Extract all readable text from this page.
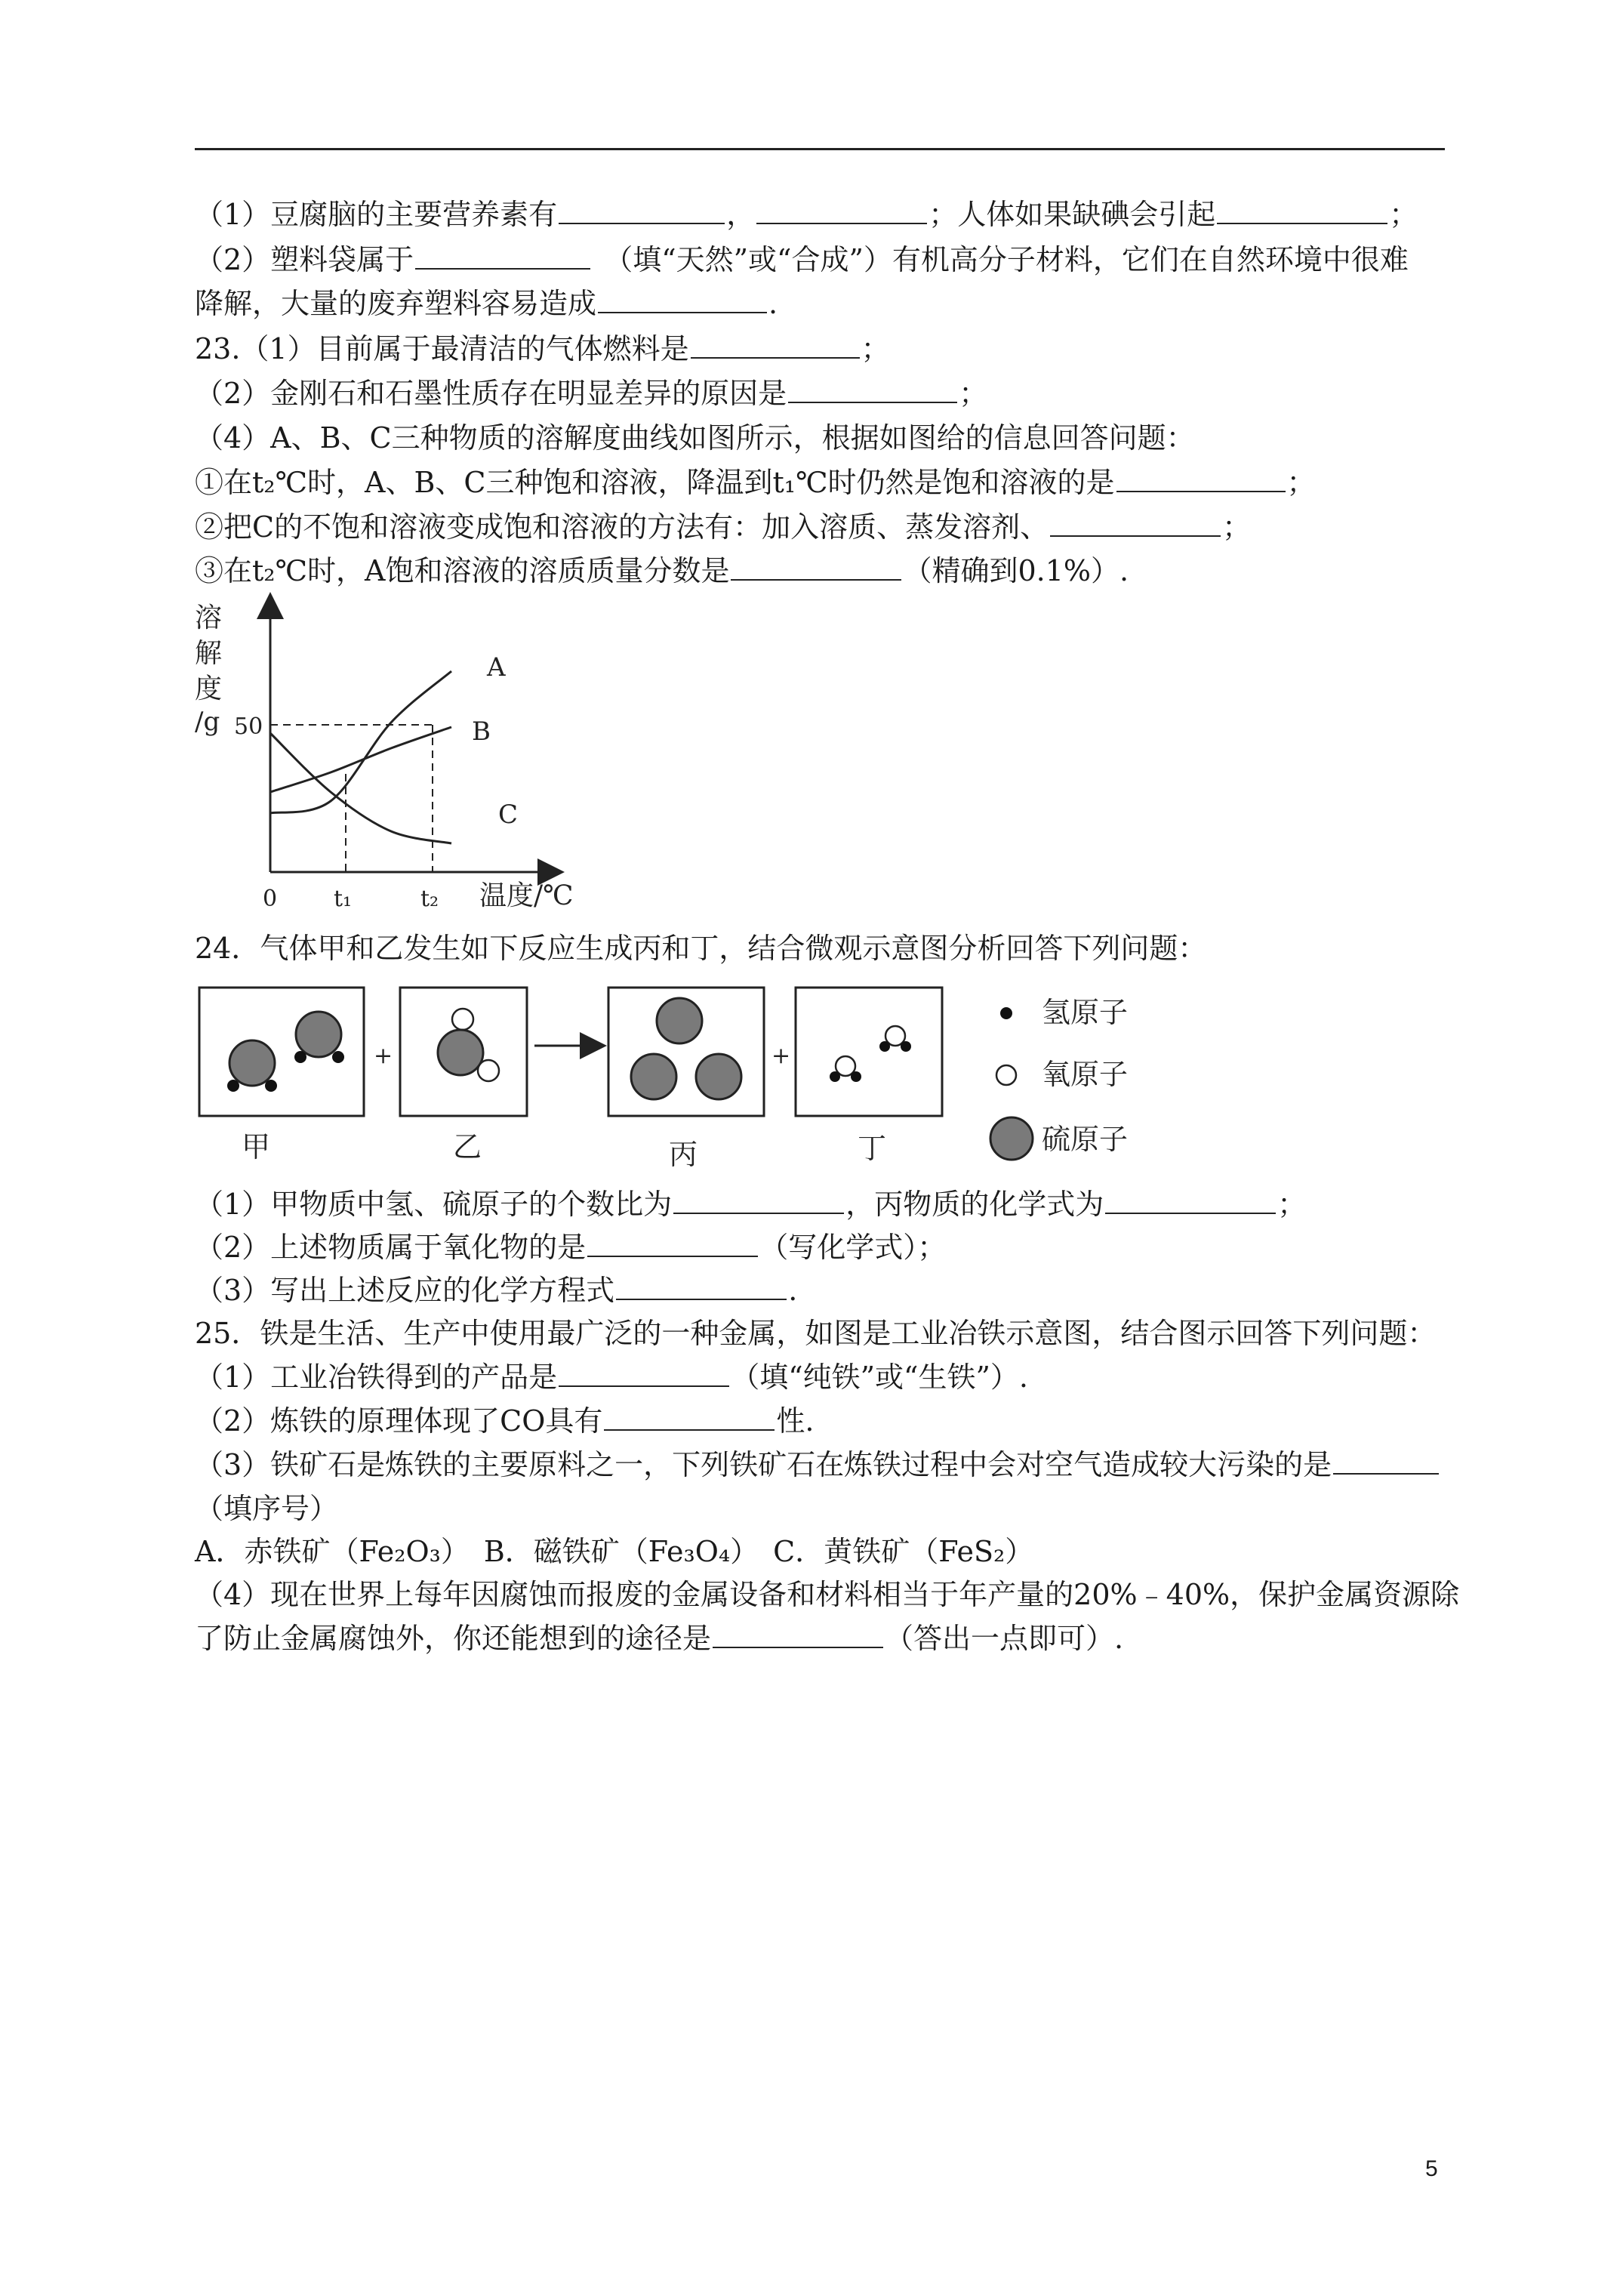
（1）豆腐脑的主要营养素有	，	；人体如果缺碘会引起	；
（2）塑料袋属于	（填“天然”或“合成”）有机高分子材料，它们在自然环境中很难
降解，大量的废弃塑料容易造成	.
23.（1）目前属于最清洁的气体燃料是	；
（2）金刚石和石墨性质存在明显差异的原因是	；
（4）A、B、C三种物质的溶解度曲线如图所示，根据如图给的信息回答问题：
①在t₂℃时，A、B、C三种饱和溶液，降温到t₁℃时仍然是饱和溶液的是	；
②把C的不饱和溶液变成饱和溶液的方法有：加入溶质、蒸发溶剂、	；
③在t₂℃时，A饱和溶液的溶质质量分数是	（精确到0.1%）.
A
B
C
50
0 t₁	t₂ 温度/℃
溶
解
度
/g
24．气体甲和乙发生如下反应生成丙和丁，结合微观示意图分析回答下列问题：
+	+
甲	乙	丙	丁
氢原子
氧原子
硫原子
（1）甲物质中氢、硫原子的个数比为	，丙物质的化学式为	；
（2）上述物质属于氧化物的是	（写化学式）；
（3）写出上述反应的化学方程式	.
25．铁是生活、生产中使用最广泛的一种金属，如图是工业冶铁示意图，结合图示回答下列问题：
（1）工业冶铁得到的产品是	（填“纯铁”或“生铁”）.
（2）炼铁的原理体现了CO具有	性.
（3）铁矿石是炼铁的主要原料之一，下列铁矿石在炼铁过程中会对空气造成较大污染的是
（填序号）
A．赤铁矿（Fe₂O₃）　B．磁铁矿（Fe₃O₄）　C．黄铁矿（FeS₂）
（4）现在世界上每年因腐蚀而报废的金属设备和材料相当于年产量的20%﹣40%，保护金属资源除
了防止金属腐蚀外，你还能想到的途径是	（答出一点即可）.
5
